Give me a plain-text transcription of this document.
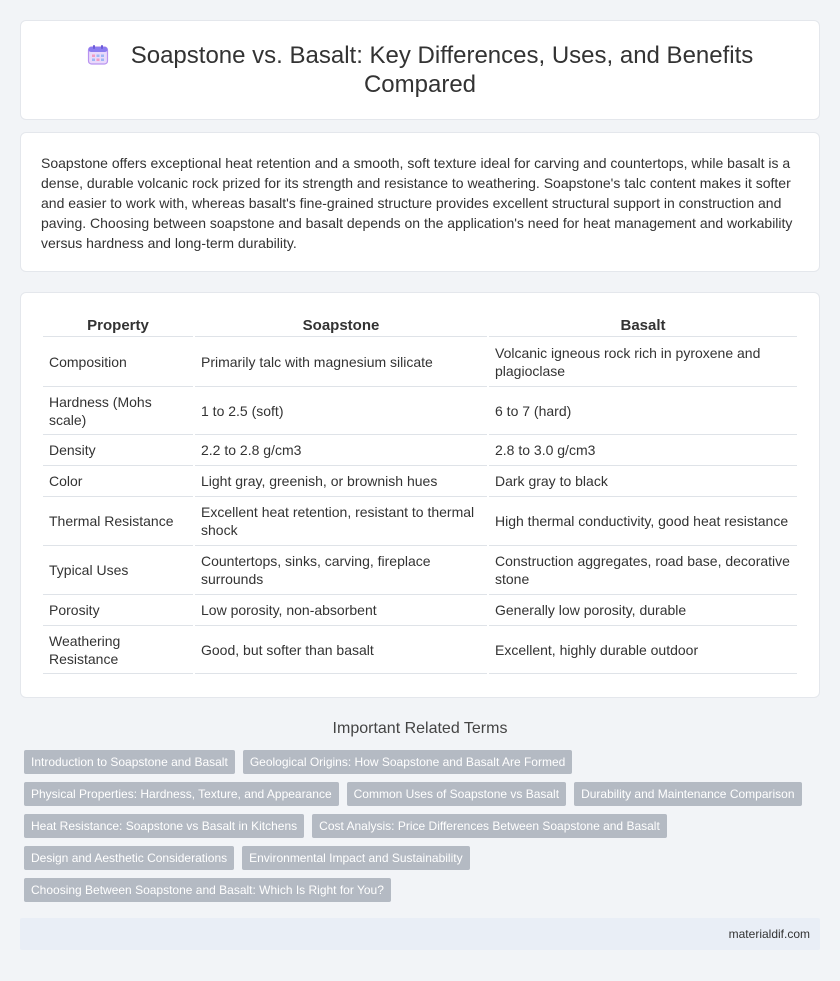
Soapstone vs. Basalt: Key Differences, Uses, and Benefits Compared

Soapstone offers exceptional heat retention and a smooth, soft texture ideal for carving and countertops, while basalt is a dense, durable volcanic rock prized for its strength and resistance to weathering. Soapstone's talc content makes it softer and easier to work with, whereas basalt's fine-grained structure provides excellent structural support in construction and paving. Choosing between soapstone and basalt depends on the application's need for heat management and workability versus hardness and long-term durability.

Property	Soapstone	Basalt
Composition	Primarily talc with magnesium silicate	Volcanic igneous rock rich in pyroxene and plagioclase
Hardness (Mohs scale)	1 to 2.5 (soft)	6 to 7 (hard)
Density	2.2 to 2.8 g/cm3	2.8 to 3.0 g/cm3
Color	Light gray, greenish, or brownish hues	Dark gray to black
Thermal Resistance	Excellent heat retention, resistant to thermal shock	High thermal conductivity, good heat resistance
Typical Uses	Countertops, sinks, carving, fireplace surrounds	Construction aggregates, road base, decorative stone
Porosity	Low porosity, non-absorbent	Generally low porosity, durable
Weathering Resistance	Good, but softer than basalt	Excellent, highly durable outdoor
Important Related Terms
Introduction to Soapstone and Basalt	Geological Origins: How Soapstone and Basalt Are Formed
Physical Properties: Hardness, Texture, and Appearance	Common Uses of Soapstone vs Basalt	Durability and Maintenance Comparison
Heat Resistance: Soapstone vs Basalt in Kitchens	Cost Analysis: Price Differences Between Soapstone and Basalt
Design and Aesthetic Considerations	Environmental Impact and Sustainability
Choosing Between Soapstone and Basalt: Which Is Right for You?
materialdif.com
